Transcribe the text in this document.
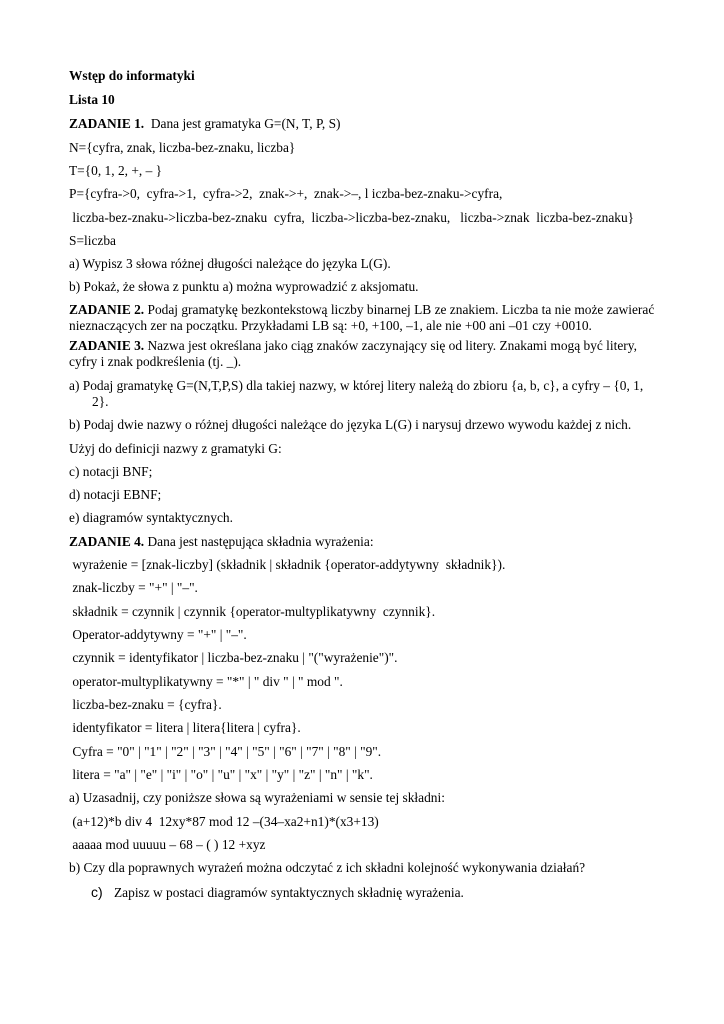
Wstęp do informatyki

Lista 10

ZADANIE 1.  Dana jest gramatyka G=(N, T, P, S)

N={cyfra, znak, liczba-bez-znaku, liczba}

T={0, 1, 2, +, – }

P={cyfra->0,  cyfra->1,  cyfra->2,  znak->+,  znak->–, l iczba-bez-znaku->cyfra,

liczba-bez-znaku->liczba-bez-znaku  cyfra,  liczba->liczba-bez-znaku,   liczba->znak  liczba-bez-znaku}

S=liczba

a) Wypisz 3 słowa różnej długości należące do języka L(G).

b) Pokaż, że słowa z punktu a) można wyprowadzić z aksjomatu.

ZADANIE 2. Podaj gramatykę bezkontekstową liczby binarnej LB ze znakiem. Liczba ta nie może zawierać nieznaczących zer na początku. Przykładami LB są: +0, +100, –1, ale nie +00 ani –01 czy +0010.

ZADANIE 3. Nazwa jest określana jako ciąg znaków zaczynający się od litery. Znakami mogą być litery, cyfry i znak podkreślenia (tj. _).

a) Podaj gramatykę G=(N,T,P,S) dla takiej nazwy, w której litery należą do zbioru {a, b, c}, a cyfry – {0, 1,

2}.

b) Podaj dwie nazwy o różnej długości należące do języka L(G) i narysuj drzewo wywodu każdej z nich.

Użyj do definicji nazwy z gramatyki G:

c) notacji BNF;

d) notacji EBNF;

e) diagramów syntaktycznych.

ZADANIE 4. Dana jest następująca składnia wyrażenia:

wyrażenie = [znak-liczby] (składnik | składnik {operator-addytywny  składnik}).

znak-liczby = "+" | "–".

składnik = czynnik | czynnik {operator-multyplikatywny  czynnik}.

Operator-addytywny = "+" | "–".

czynnik = identyfikator | liczba-bez-znaku | "("wyrażenie")".

operator-multyplikatywny = "*" | " div " | " mod ".

liczba-bez-znaku = {cyfra}.

identyfikator = litera | litera{litera | cyfra}.

Cyfra = "0" | "1" | "2" | "3" | "4" | "5" | "6" | "7" | "8" | "9".

litera = "a" | "e" | "i" | "o" | "u" | "x" | "y" | "z" | "n" | "k".

a) Uzasadnij, czy poniższe słowa są wyrażeniami w sensie tej składni:

(a+12)*b div 4  12xy*87 mod 12 –(34–xa2+n1)*(x3+13)

aaaaa mod uuuuu – 68 – ( ) 12 +xyz

b) Czy dla poprawnych wyrażeń można odczytać z ich składni kolejność wykonywania działań?

c) Zapisz w postaci diagramów syntaktycznych składnię wyrażenia.
